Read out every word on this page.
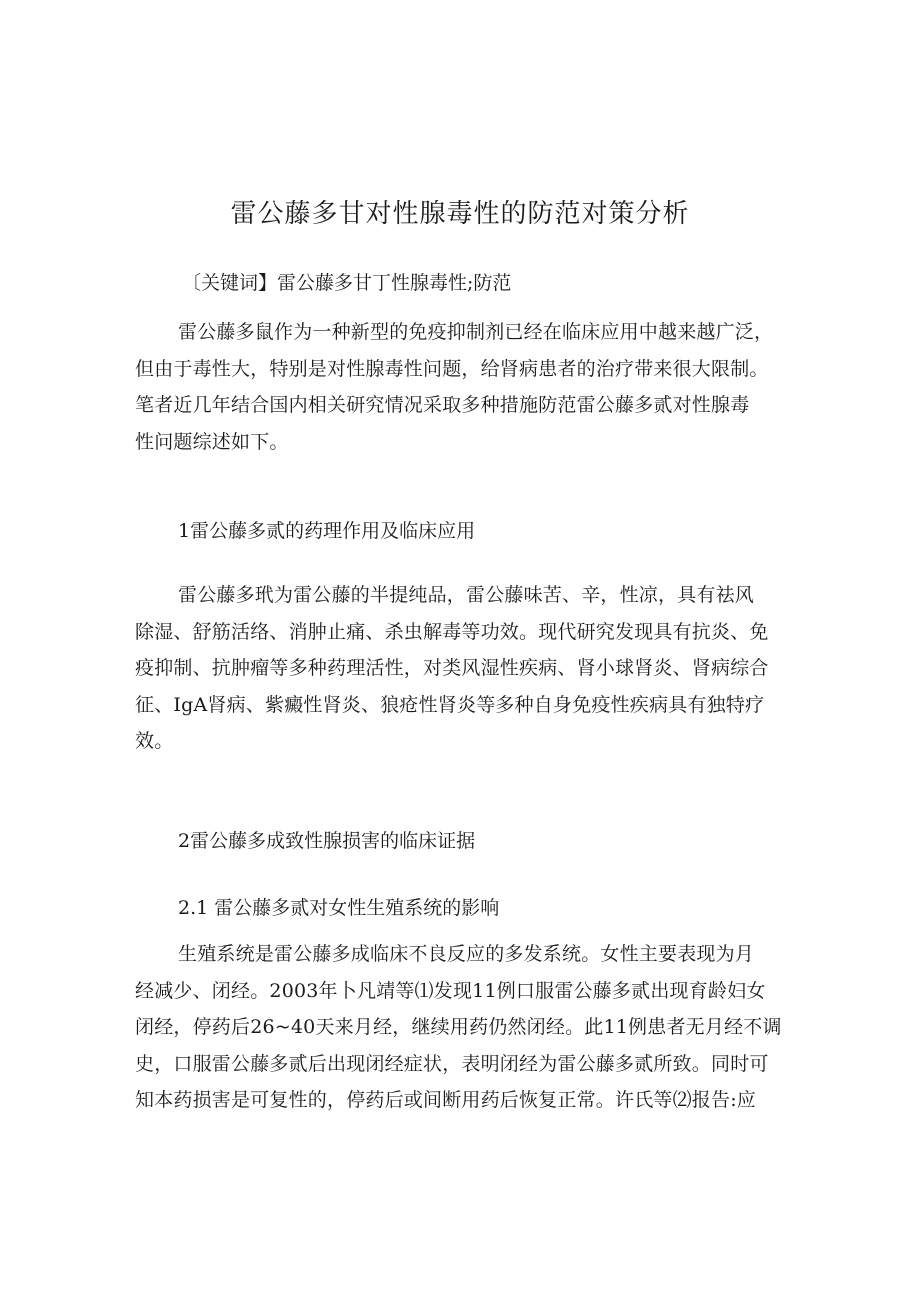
雷公藤多甘对性腺毒性的防范对策分析
〔关键词】雷公藤多甘丁性腺毒性;防范
雷公藤多鼠作为一种新型的免疫抑制剂已经在临床应用中越来越广泛，
但由于毒性大，特别是对性腺毒性问题，给肾病患者的治疗带来很大限制。
笔者近几年结合国内相关研究情况采取多种措施防范雷公藤多贰对性腺毒
性问题综述如下。
1雷公藤多贰的药理作用及临床应用
雷公藤多玳为雷公藤的半提纯品，雷公藤味苦、辛，性凉，具有祛风
除湿、舒筋活络、消肿止痛、杀虫解毒等功效。现代研究发现具有抗炎、免
疫抑制、抗肿瘤等多种药理活性，对类风湿性疾病、肾小球肾炎、肾病综合
征、IgA肾病、紫癜性肾炎、狼疮性肾炎等多种自身免疫性疾病具有独特疗
效。
2雷公藤多成致性腺损害的临床证据
2.1 雷公藤多贰对女性生殖系统的影响
生殖系统是雷公藤多成临床不良反应的多发系统。女性主要表现为月
经减少、闭经。2003年卜凡靖等⑴发现11例口服雷公藤多贰出现育龄妇女
闭经，停药后26~40天来月经，继续用药仍然闭经。此11例患者无月经不调
史，口服雷公藤多贰后出现闭经症状，表明闭经为雷公藤多贰所致。同时可
知本药损害是可复性的，停药后或间断用药后恢复正常。许氏等⑵报告:应
